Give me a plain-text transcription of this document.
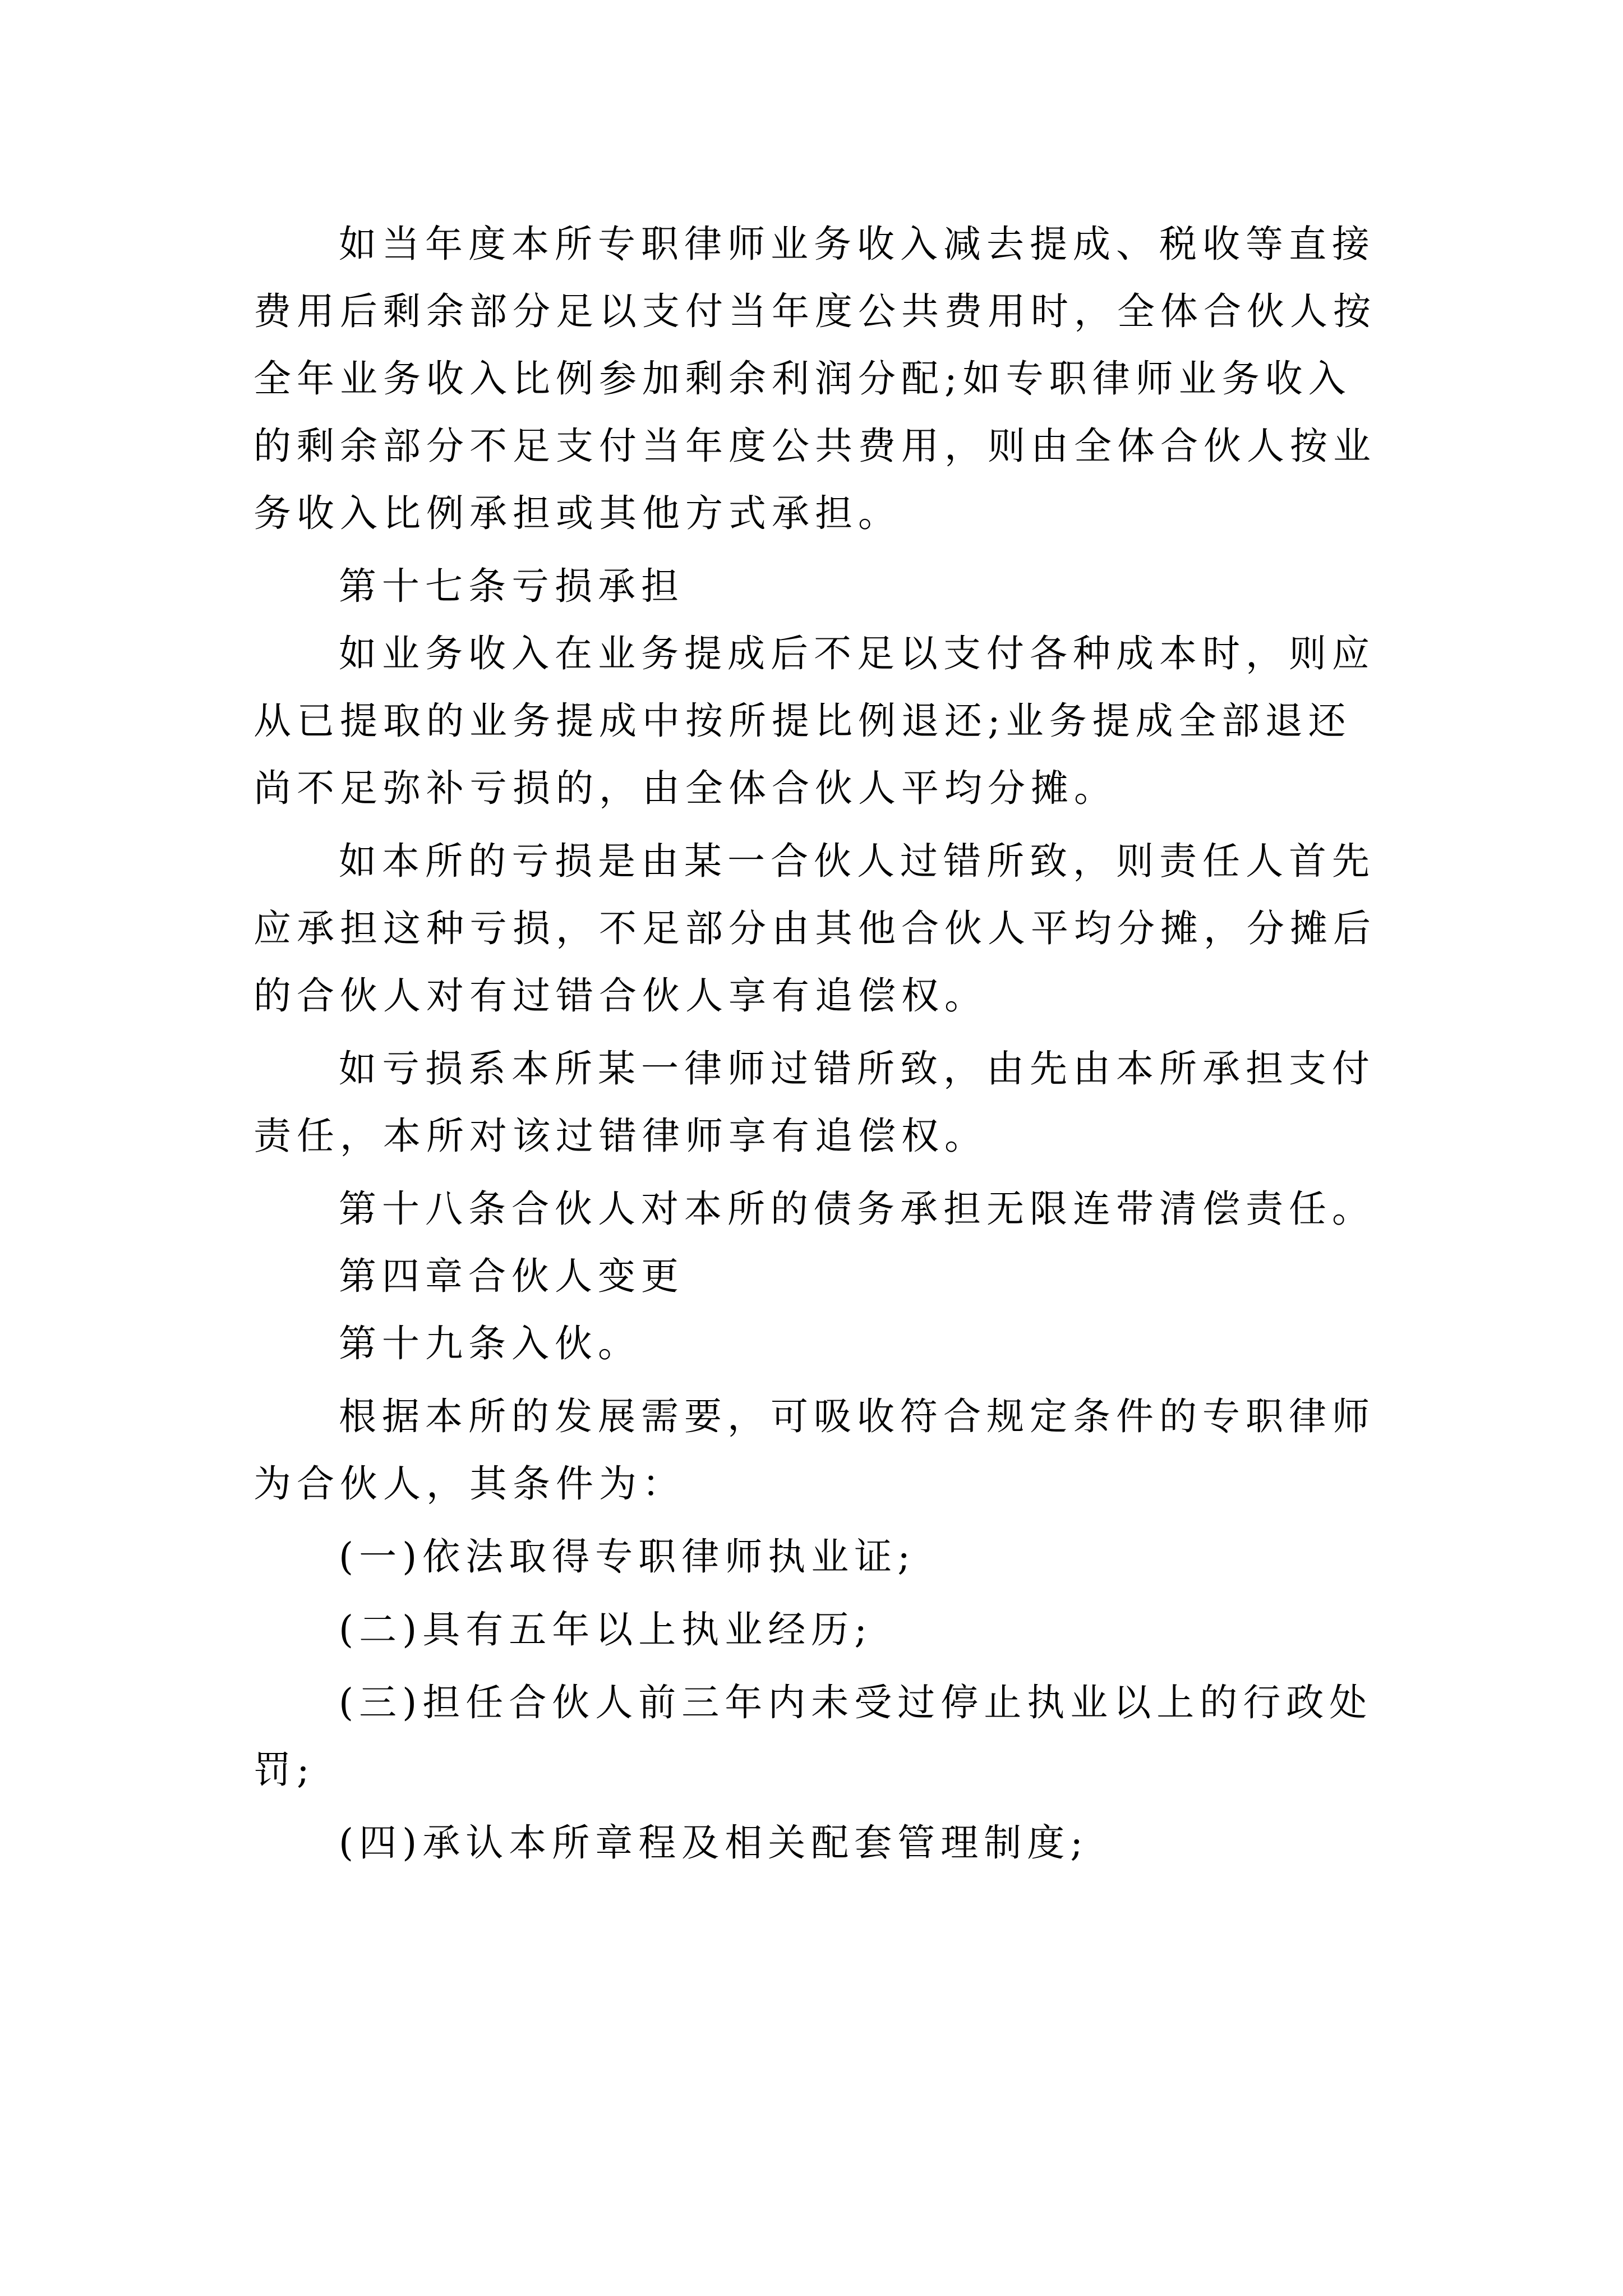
如当年度本所专职律师业务收入减去提成、税收等直接
费用后剩余部分足以支付当年度公共费用时，全体合伙人按
全年业务收入比例参加剩余利润分配;如专职律师业务收入
的剩余部分不足支付当年度公共费用，则由全体合伙人按业
务收入比例承担或其他方式承担。
第十七条亏损承担
如业务收入在业务提成后不足以支付各种成本时，则应
从已提取的业务提成中按所提比例退还;业务提成全部退还
尚不足弥补亏损的，由全体合伙人平均分摊。
如本所的亏损是由某一合伙人过错所致，则责任人首先
应承担这种亏损，不足部分由其他合伙人平均分摊，分摊后
的合伙人对有过错合伙人享有追偿权。
如亏损系本所某一律师过错所致，由先由本所承担支付
责任，本所对该过错律师享有追偿权。
第十八条合伙人对本所的债务承担无限连带清偿责任。
第四章合伙人变更
第十九条入伙。
根据本所的发展需要，可吸收符合规定条件的专职律师
为合伙人，其条件为：
(一)依法取得专职律师执业证;
(二)具有五年以上执业经历;
(三)担任合伙人前三年内未受过停止执业以上的行政处
罚;
(四)承认本所章程及相关配套管理制度;
